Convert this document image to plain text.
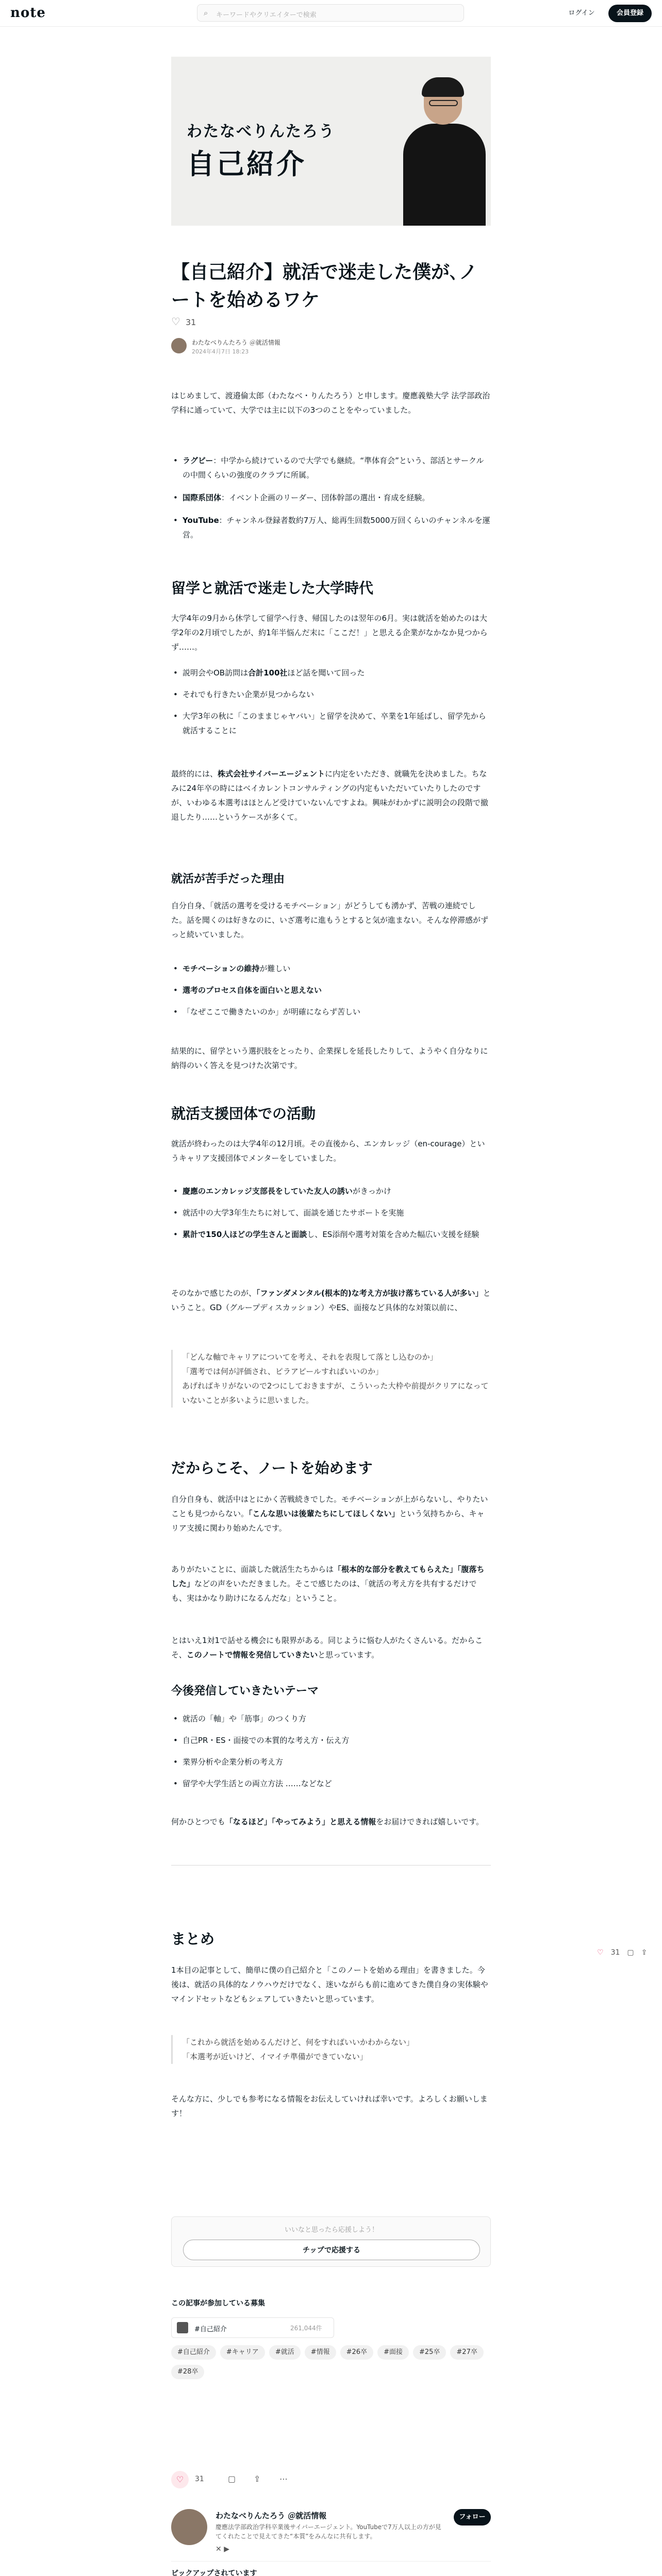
note	⌕ キーワードやクリエイターで検索	ログイン	会員登録
わたなべりんたろう
自己紹介
【自己紹介】就活で迷走した僕が､ノートを始めるワケ
♡ 31
わたなべりんたろう ＠就活情報
2024年4月7日 18:23

はじめまして、渡邉倫太郎（わたなべ・りんたろう）と申します。慶應義塾大学 法学部政治学科に通っていて、大学では主に以下の3つのことをやっていました。

• ラグビー：中学から続けているので大学でも継続。“準体育会”という、部活とサークルの中間くらいの強度のクラブに所属。
• 国際系団体：イベント企画のリーダー、団体幹部の選出・育成を経験。
• YouTube：チャンネル登録者数約7万人、総再生回数5000万回くらいのチャンネルを運営。
留学と就活で迷走した大学時代

大学4年の9月から休学して留学へ行き、帰国したのは翌年の6月。実は就活を始めたのは大学2年の2月頃でしたが、約1年半悩んだ末に「ここだ！」と思える企業がなかなか見つからず……。

• 説明会やOB訪問は合計100社ほど話を聞いて回った
• それでも行きたい企業が見つからない
• 大学3年の秋に「このままじゃヤバい」と留学を決めて、卒業を1年延ばし、留学先から就活することに

最終的には、株式会社サイバーエージェントに内定をいただき、就職先を決めました。ちなみに24年卒の時にはベイカレントコンサルティングの内定もいただいていたりしたのですが、いわゆる本選考はほとんど受けていないんですよね。興味がわかずに説明会の段階で撤退したり……というケースが多くて。

就活が苦手だった理由

自分自身、「就活の選考を受けるモチベーション」がどうしても湧かず、苦戦の連続でした。話を聞くのは好きなのに、いざ選考に進もうとすると気が進まない。そんな停滞感がずっと続いていました。

• モチベーションの維持が難しい
• 選考のプロセス自体を面白いと思えない
• 「なぜここで働きたいのか」が明確にならず苦しい

結果的に、留学という選択肢をとったり、企業探しを延長したりして、ようやく自分なりに納得のいく答えを見つけた次第です。

就活支援団体での活動

就活が終わったのは大学4年の12月頃。その直後から、エンカレッジ（en-courage）というキャリア支援団体でメンターをしていました。

• 慶應のエンカレッジ支部長をしていた友人の誘いがきっかけ
• 就活中の大学3年生たちに対して、面談を通じたサポートを実施
• 累計で150人ほどの学生さんと面談し、ES添削や選考対策を含めた幅広い支援を経験

そのなかで感じたのが、「ファンダメンタル(根本的)な考え方が抜け落ちている人が多い」ということ。GD（グループディスカッション）やES、面接など具体的な対策以前に、

「どんな軸でキャリアについてを考え、それを表現して落とし込むのか」
「選考では何が評価され、ピラアピールすればいいのか」
あげればキリがないので2つにしておきますが、こういった大枠や前提がクリアになっていないことが多いように思いました。
だからこそ、ノートを始めます

自分自身も、就活中はとにかく苦戦続きでした。モチベーションが上がらないし、やりたいことも見つからない。「こんな思いは後輩たちにしてほしくない」という気持ちから、キャリア支援に関わり始めたんです。

ありがたいことに、面談した就活生たちからは「根本的な部分を教えてもらえた」「腹落ちした」などの声をいただきました。そこで感じたのは、「就活の考え方を共有するだけでも、実はかなり助けになるんだな」ということ。

とはいえ1対1で話せる機会にも限界がある。同じように悩む人がたくさんいる。だからこそ、このノートで情報を発信していきたいと思っています。

今後発信していきたいテーマ
• 就活の「軸」や「筋事」のつくり方
• 自己PR・ES・面接での本質的な考え方・伝え方
• 業界分析や企業分析の考え方
• 留学や大学生活との両立方法 ……などなど

何かひとつでも「なるほど」「やってみよう」と思える情報をお届けできれば嬉しいです。

まとめ

1本目の記事として、簡単に僕の自己紹介と「このノートを始める理由」を書きました。今後は、就活の具体的なノウハウだけでなく、迷いながらも前に進めてきた僕自身の実体験やマインドセットなどもシェアしていきたいと思っています。

「これから就活を始めるんだけど、何をすればいいかわからない」
「本選考が近いけど、イマイチ準備ができていない」

そんな方に、少しでも参考になる情報をお伝えしていければ幸いです。よろしくお願いします！

♡ 31 ▢ ⇪
いいなと思ったら応援しよう！
チップで応援する
この記事が参加している募集
#自己紹介	261,044件
#自己紹介 #キャリア #就活 #情報 #26卒 #面接 #25卒 #27卒#28卒
♡	31	▢ ⇪ ⋯
わたなべりんたろう ＠就活情報
慶應法学部政治学科卒業後サイバーエージェント。YouTubeで7万人以上の方が見てくれたことで見えてきた“本質”をみんなに共有します。
✕ ▶
フォロー
ピックアップされています
